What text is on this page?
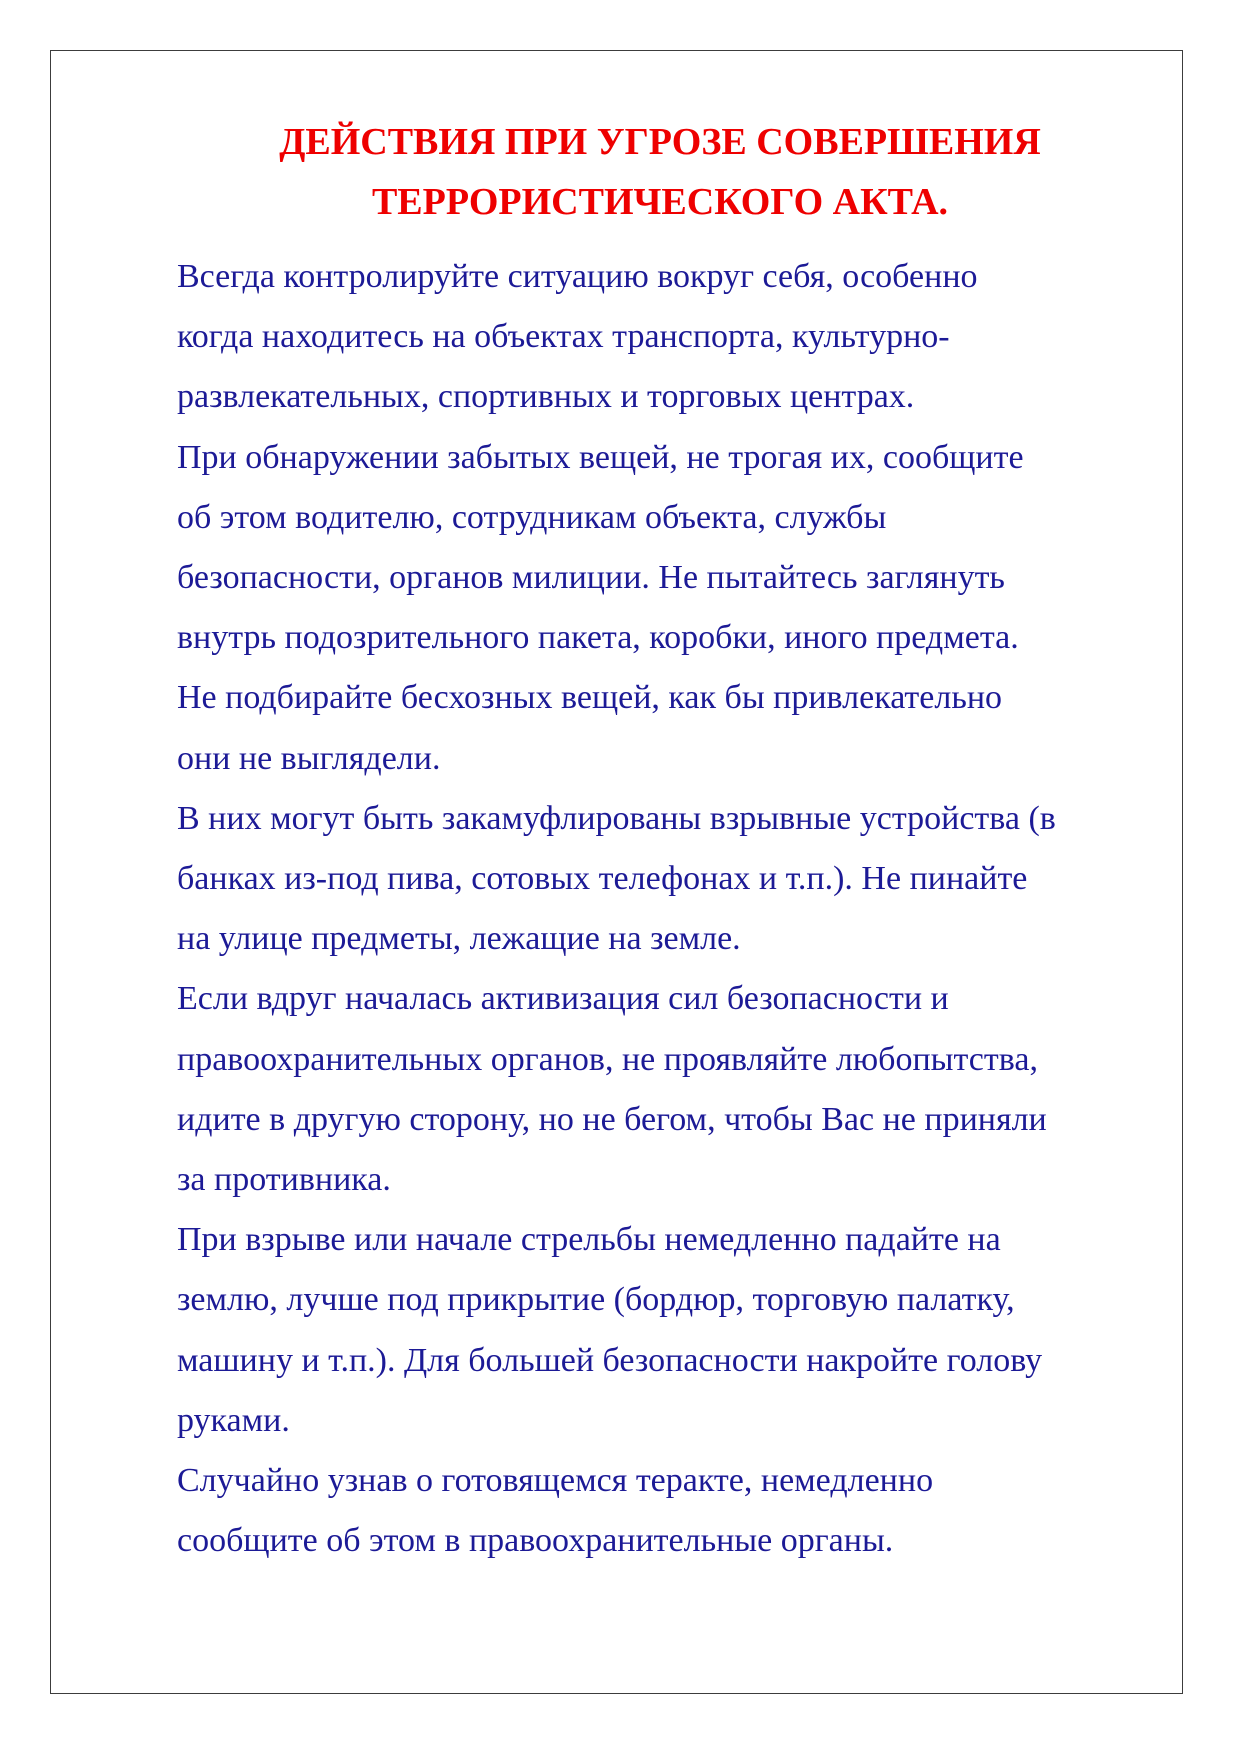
ДЕЙСТВИЯ ПРИ УГРОЗЕ СОВЕРШЕНИЯ
ТЕРРОРИСТИЧЕСКОГО АКТА.
Всегда контролируйте ситуацию вокруг себя, особенно
когда находитесь на объектах транспорта, культурно-
развлекательных, спортивных и торговых центрах.
При обнаружении забытых вещей, не трогая их, сообщите
об этом водителю, сотрудникам объекта, службы
безопасности, органов милиции. Не пытайтесь заглянуть
внутрь подозрительного пакета, коробки, иного предмета.
Не подбирайте бесхозных вещей, как бы привлекательно
они не выглядели.
В них могут быть закамуфлированы взрывные устройства (в
банках из-под пива, сотовых телефонах и т.п.). Не пинайте
на улице предметы, лежащие на земле.
Если вдруг началась активизация сил безопасности и
правоохранительных органов, не проявляйте любопытства,
идите в другую сторону, но не бегом, чтобы Вас не приняли
за противника.
При взрыве или начале стрельбы немедленно падайте на
землю, лучше под прикрытие (бордюр, торговую палатку,
машину и т.п.). Для большей безопасности накройте голову
руками.
Случайно узнав о готовящемся теракте, немедленно
сообщите об этом в правоохранительные органы.
